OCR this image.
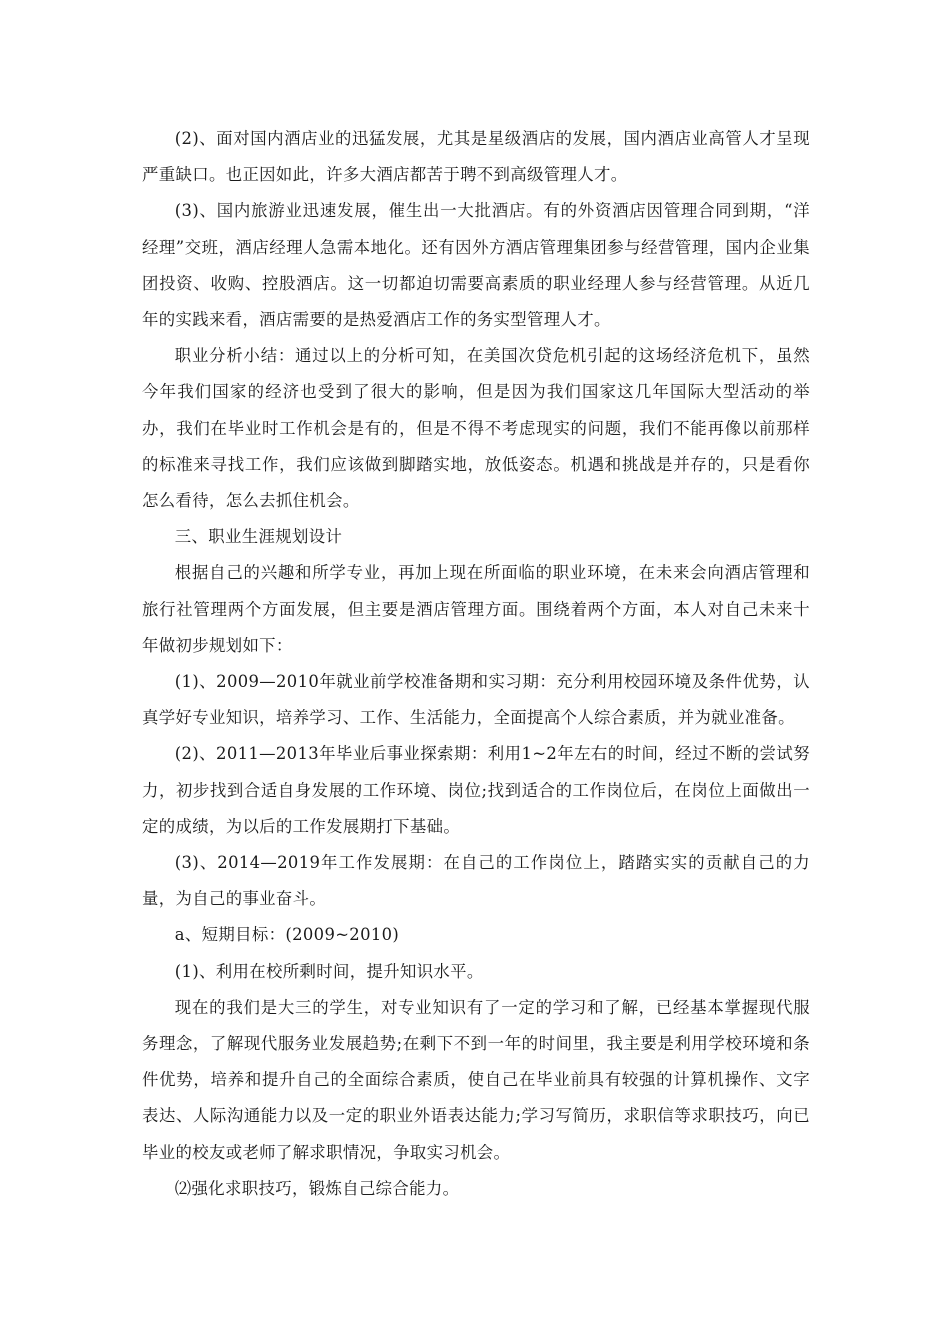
(2)、面对国内酒店业的迅猛发展，尤其是星级酒店的发展，国内酒店业高管人才呈现严重缺口。也正因如此，许多大酒店都苦于聘不到高级管理人才。

(3)、国内旅游业迅速发展，催生出一大批酒店。有的外资酒店因管理合同到期，“洋经理”交班，酒店经理人急需本地化。还有因外方酒店管理集团参与经营管理，国内企业集团投资、收购、控股酒店。这一切都迫切需要高素质的职业经理人参与经营管理。从近几年的实践来看，酒店需要的是热爱酒店工作的务实型管理人才。

职业分析小结：通过以上的分析可知，在美国次贷危机引起的这场经济危机下，虽然今年我们国家的经济也受到了很大的影响，但是因为我们国家这几年国际大型活动的举办，我们在毕业时工作机会是有的，但是不得不考虑现实的问题，我们不能再像以前那样的标准来寻找工作，我们应该做到脚踏实地，放低姿态。机遇和挑战是并存的，只是看你怎么看待，怎么去抓住机会。

三、职业生涯规划设计

根据自己的兴趣和所学专业，再加上现在所面临的职业环境，在未来会向酒店管理和旅行社管理两个方面发展，但主要是酒店管理方面。围绕着两个方面，本人对自己未来十年做初步规划如下：

(1)、2009—2010年就业前学校准备期和实习期：充分利用校园环境及条件优势，认真学好专业知识，培养学习、工作、生活能力，全面提高个人综合素质，并为就业准备。

(2)、2011—2013年毕业后事业探索期：利用1~2年左右的时间，经过不断的尝试努力，初步找到合适自身发展的工作环境、岗位;找到适合的工作岗位后，在岗位上面做出一定的成绩，为以后的工作发展期打下基础。

(3)、2014—2019年工作发展期：在自己的工作岗位上，踏踏实实的贡献自己的力量，为自己的事业奋斗。

a、短期目标：(2009~2010)

(1)、利用在校所剩时间，提升知识水平。

现在的我们是大三的学生，对专业知识有了一定的学习和了解，已经基本掌握现代服务理念，了解现代服务业发展趋势;在剩下不到一年的时间里，我主要是利用学校环境和条件优势，培养和提升自己的全面综合素质，使自己在毕业前具有较强的计算机操作、文字表达、人际沟通能力以及一定的职业外语表达能力;学习写简历，求职信等求职技巧，向已毕业的校友或老师了解求职情况，争取实习机会。

⑵强化求职技巧，锻炼自己综合能力。
